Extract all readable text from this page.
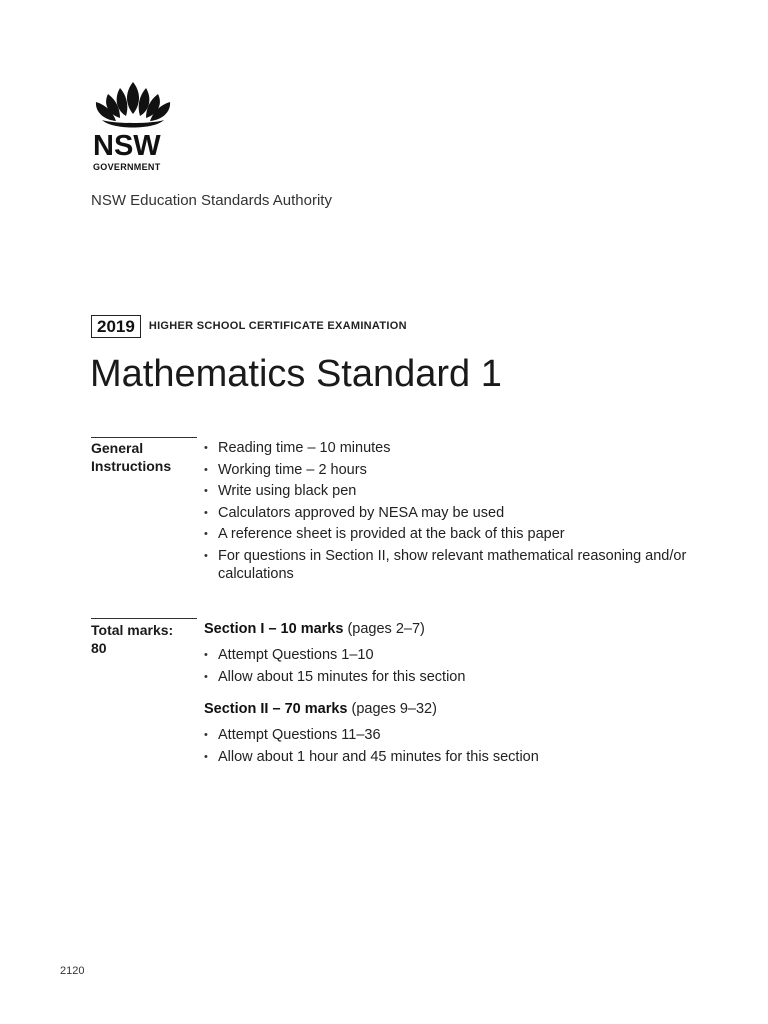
NSW
GOVERNMENT
NSW Education Standards Authority
2019	HIGHER SCHOOL CERTIFICATE EXAMINATION
Mathematics Standard 1
General
Instructions
• Reading time – 10 minutes
• Working time – 2 hours
• Write using black pen
• Calculators approved by NESA may be used
• A reference sheet is provided at the back of this paper
• For questions in Section II, show relevant mathematical reasoning and/or calculations
Total marks:
80
Section I – 10 marks (pages 2–7)
• Attempt Questions 1–10
• Allow about 15 minutes for this section
Section II – 70 marks (pages 9–32)
• Attempt Questions 11–36
• Allow about 1 hour and 45 minutes for this section
2120
